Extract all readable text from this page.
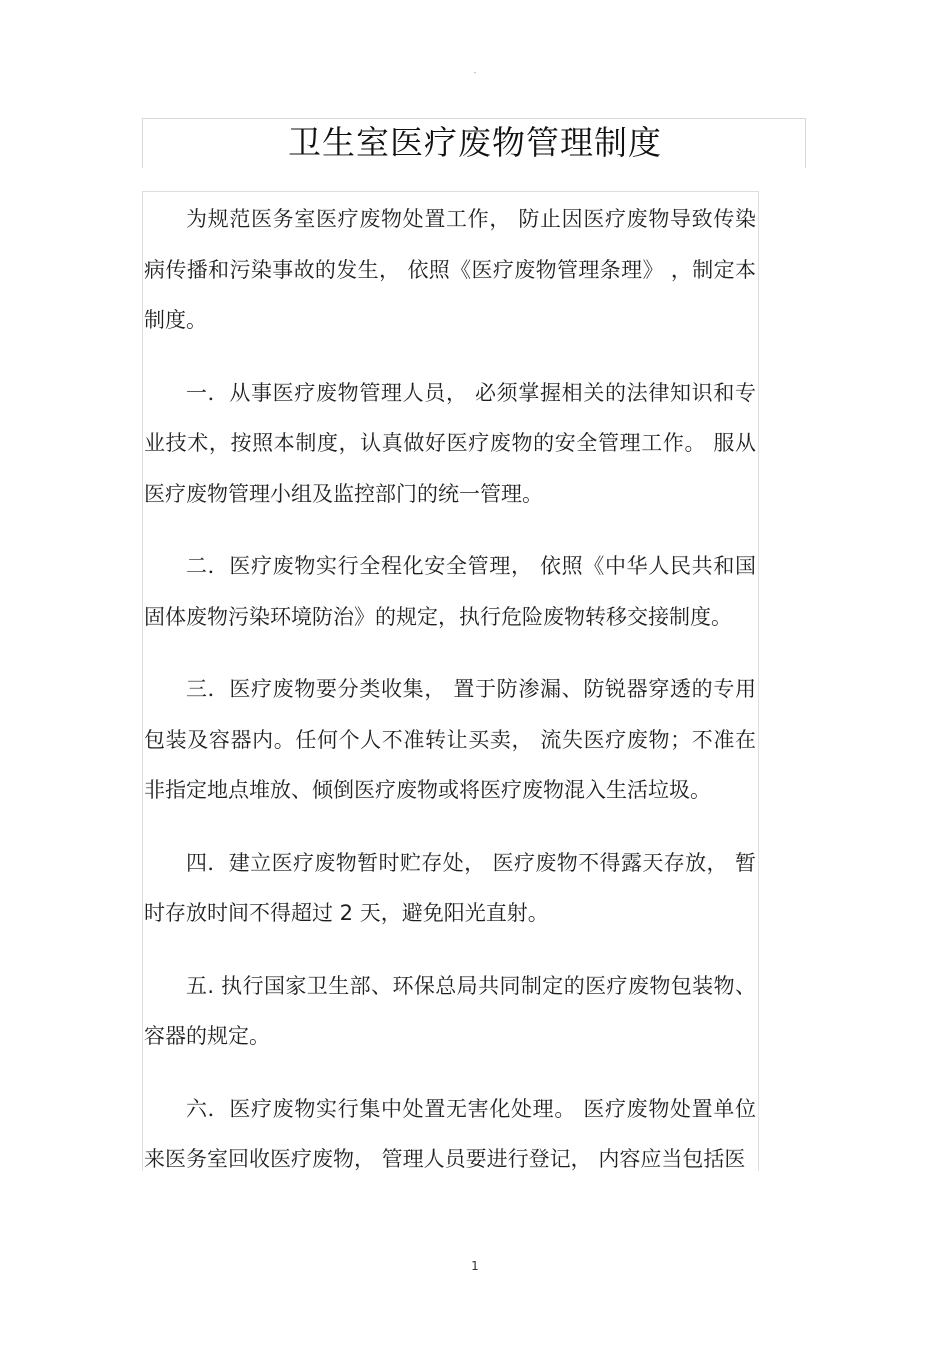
-
卫生室医疗废物管理制度

为规范医务室医疗废物处置工作， 防止因医疗废物导致传染病传播和污染事故的发生， 依照《医疗废物管理条理》 ，制定本制度。

一．从事医疗废物管理人员， 必须掌握相关的法律知识和专业技术，按照本制度，认真做好医疗废物的安全管理工作。 服从医疗废物管理小组及监控部门的统一管理。

二．医疗废物实行全程化安全管理， 依照《中华人民共和国固体废物污染环境防治》的规定，执行危险废物转移交接制度。

三．医疗废物要分类收集， 置于防渗漏、防锐器穿透的专用包装及容器内。任何个人不准转让买卖， 流失医疗废物；不准在非指定地点堆放、倾倒医疗废物或将医疗废物混入生活垃圾。

四．建立医疗废物暂时贮存处， 医疗废物不得露天存放， 暂时存放时间不得超过 2 天，避免阳光直射。

五. 执行国家卫生部、环保总局共同制定的医疗废物包装物、容器的规定。

六．医疗废物实行集中处置无害化处理。 医疗废物处置单位来医务室回收医疗废物， 管理人员要进行登记， 内容应当包括医

1
